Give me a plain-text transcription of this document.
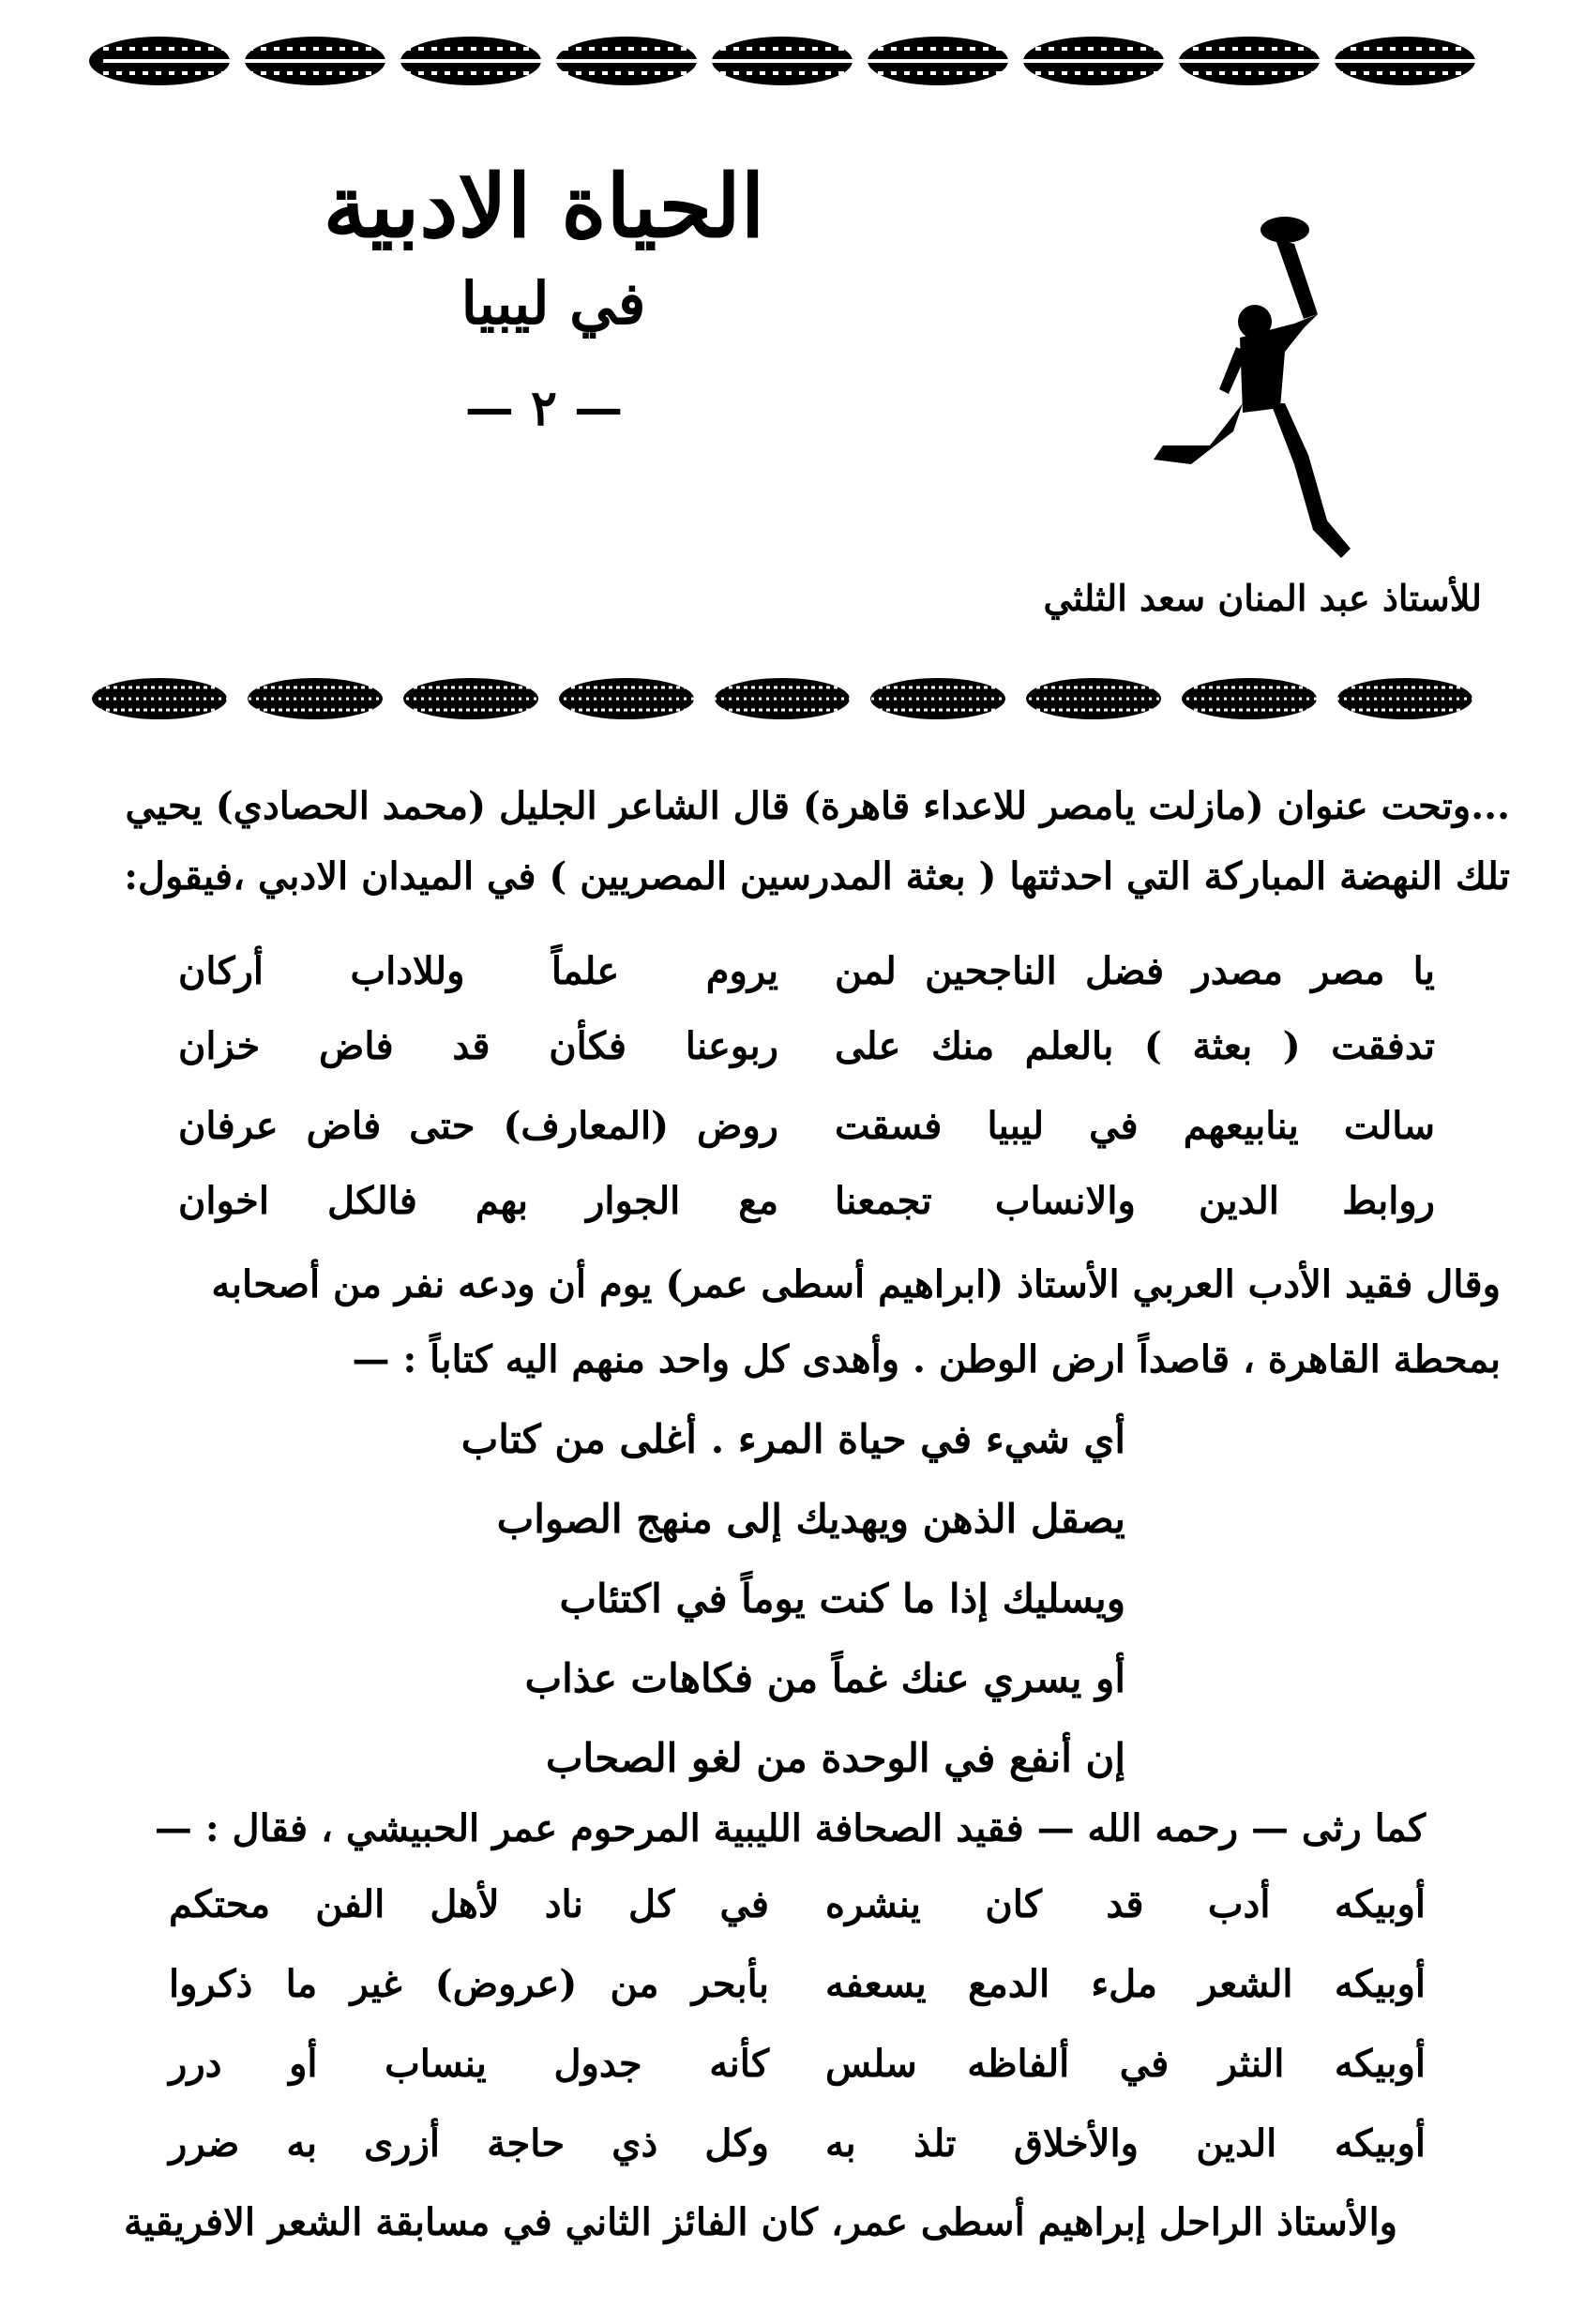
الحياة الادبية
في ليبيا
— ٢ —
للأستاذ عبد المنان سعد الثلثي
...وتحت عنوان (مازلت يامصر للاعداء قاهرة) قال الشاعر الجليل (محمد الحصادي) يحيي
تلك النهضة المباركة التي احدثتها ( بعثة المدرسين المصريين ) في الميدان الادبي ،فيقول:
يا مصر مصدر فضل الناجحين لمن
يروم علماً وللاداب أركان
تدفقت ( بعثة ) بالعلم منك على
ربوعنا فكأن قد فاض خزان
سالت ينابيعهم في ليبيا فسقت
روض (المعارف) حتى فاض عرفان
روابط الدين والانساب تجمعنا
مع الجوار بهم فالكل اخوان
وقال فقيد الأدب العربي الأستاذ (ابراهيم أسطى عمر) يوم أن ودعه نفر من أصحابه
بمحطة القاهرة ، قاصداً ارض الوطن . وأهدى كل واحد منهم اليه كتاباً : —
أي شيء في حياة المرء . أغلى من كتاب
يصقل الذهن ويهديك إلى منهج الصواب
ويسليك إذا ما كنت يوماً في اكتئاب
أو يسري عنك غماً من فكاهات عذاب
إن أنفع في الوحدة من لغو الصحاب
كما رثى — رحمه الله — فقيد الصحافة الليبية المرحوم عمر الحبيشي ، فقال : —
أوبيكه أدب قد كان ينشره
في كل ناد لأهل الفن محتكم
أوبيكه الشعر ملء الدمع يسعفه
بأبحر من (عروض) غير ما ذكروا
أوبيكه النثر في ألفاظه سلس
كأنه جدول ينساب أو درر
أوبيكه الدين والأخلاق تلذ به
وكل ذي حاجة أزرى به ضرر
والأستاذ الراحل إبراهيم أسطى عمر، كان الفائز الثاني في مسابقة الشعر الافريقية
